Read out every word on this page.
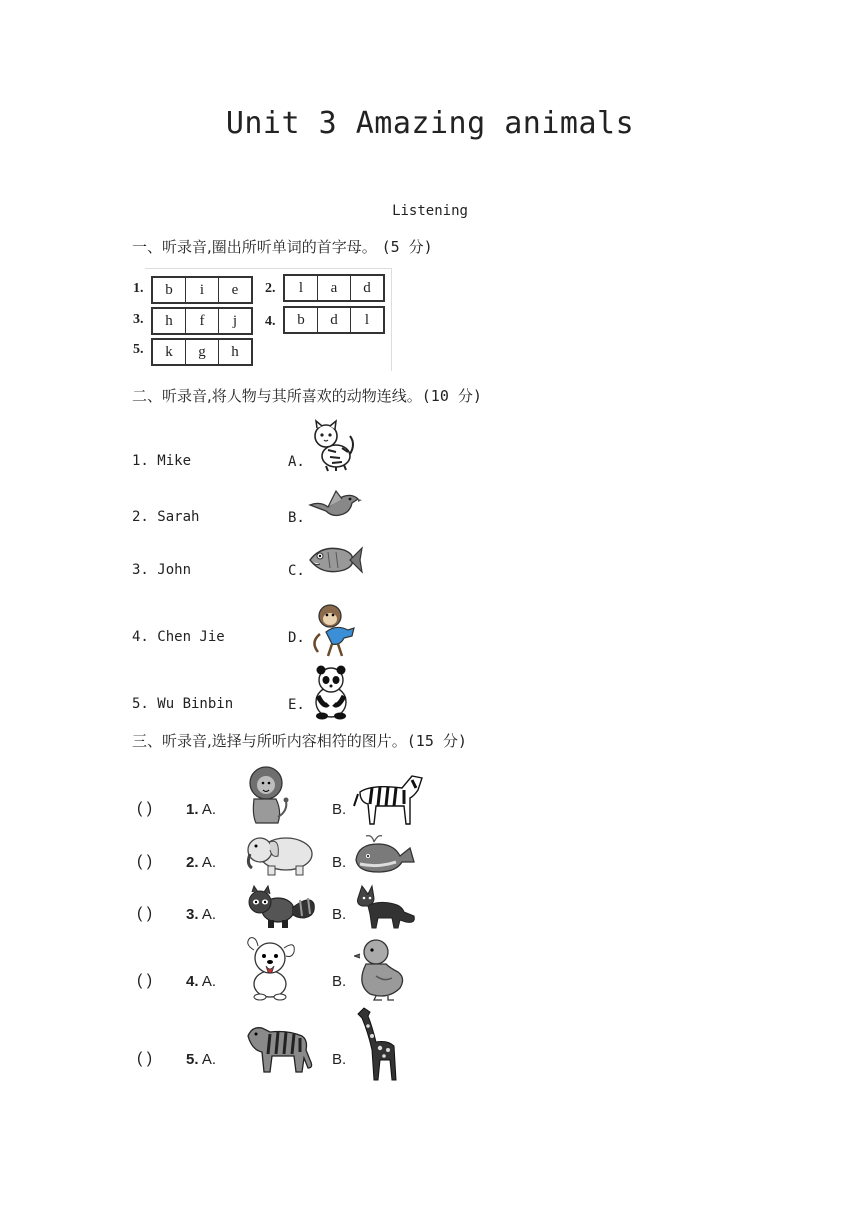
Unit 3 Amazing animals
Listening
一、听录音,圈出所听单词的首字母。 (5 分)
1.	b	i	e	2.	l	a	d
3.	h	f	j	4.	b	d	l
5.	k	g	h
二、听录音,将人物与其所喜欢的动物连线。(10 分)
1. Mike
2. Sarah
3. John
4. Chen Jie
5. Wu Binbin
A.
B.
C.
D.
E.
三、听录音,选择与所听内容相符的图片。(15 分)
( ) 1. A.	B.
( ) 2. A.	B.
( ) 3. A.	B.
( ) 4. A.	B.
( ) 5. A.	B.
